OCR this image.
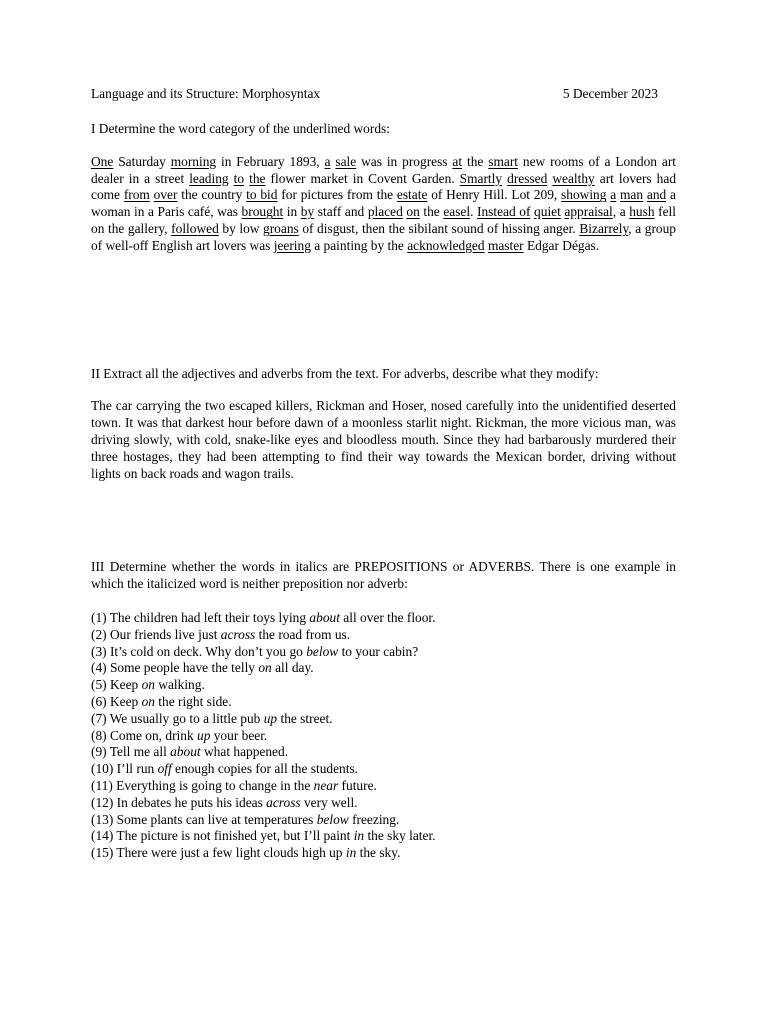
Language and its Structure: Morphosyntax	5 December 2023
I Determine the word category of the underlined words:
One Saturday morning in February 1893, a sale was in progress at the smart new rooms of a London art dealer in a street leading to the flower market in Covent Garden. Smartly dressed wealthy art lovers had come from over the country to bid for pictures from the estate of Henry Hill. Lot 209, showing a man and a woman in a Paris café, was brought in by staff and placed on the easel. Instead of quiet appraisal, a hush fell on the gallery, followed by low groans of disgust, then the sibilant sound of hissing anger. Bizarrely, a group of well-off English art lovers was jeering a painting by the acknowledged master Edgar Dégas.
II Extract all the adjectives and adverbs from the text. For adverbs, describe what they modify:
The car carrying the two escaped killers, Rickman and Hoser, nosed carefully into the unidentified deserted town. It was that darkest hour before dawn of a moonless starlit night. Rickman, the more vicious man, was driving slowly, with cold, snake-like eyes and bloodless mouth. Since they had barbarously murdered their three hostages, they had been attempting to find their way towards the Mexican border, driving without lights on back roads and wagon trails.
III Determine whether the words in italics are PREPOSITIONS or ADVERBS. There is one example in which the italicized word is neither preposition nor adverb:
(1) The children had left their toys lying about all over the floor.
(2) Our friends live just across the road from us.
(3) It’s cold on deck. Why don’t you go below to your cabin?
(4) Some people have the telly on all day.
(5) Keep on walking.
(6) Keep on the right side.
(7) We usually go to a little pub up the street.
(8) Come on, drink up your beer.
(9) Tell me all about what happened.
(10) I’ll run off enough copies for all the students.
(11) Everything is going to change in the near future.
(12) In debates he puts his ideas across very well.
(13) Some plants can live at temperatures below freezing.
(14) The picture is not finished yet, but I’ll paint in the sky later.
(15) There were just a few light clouds high up in the sky.
